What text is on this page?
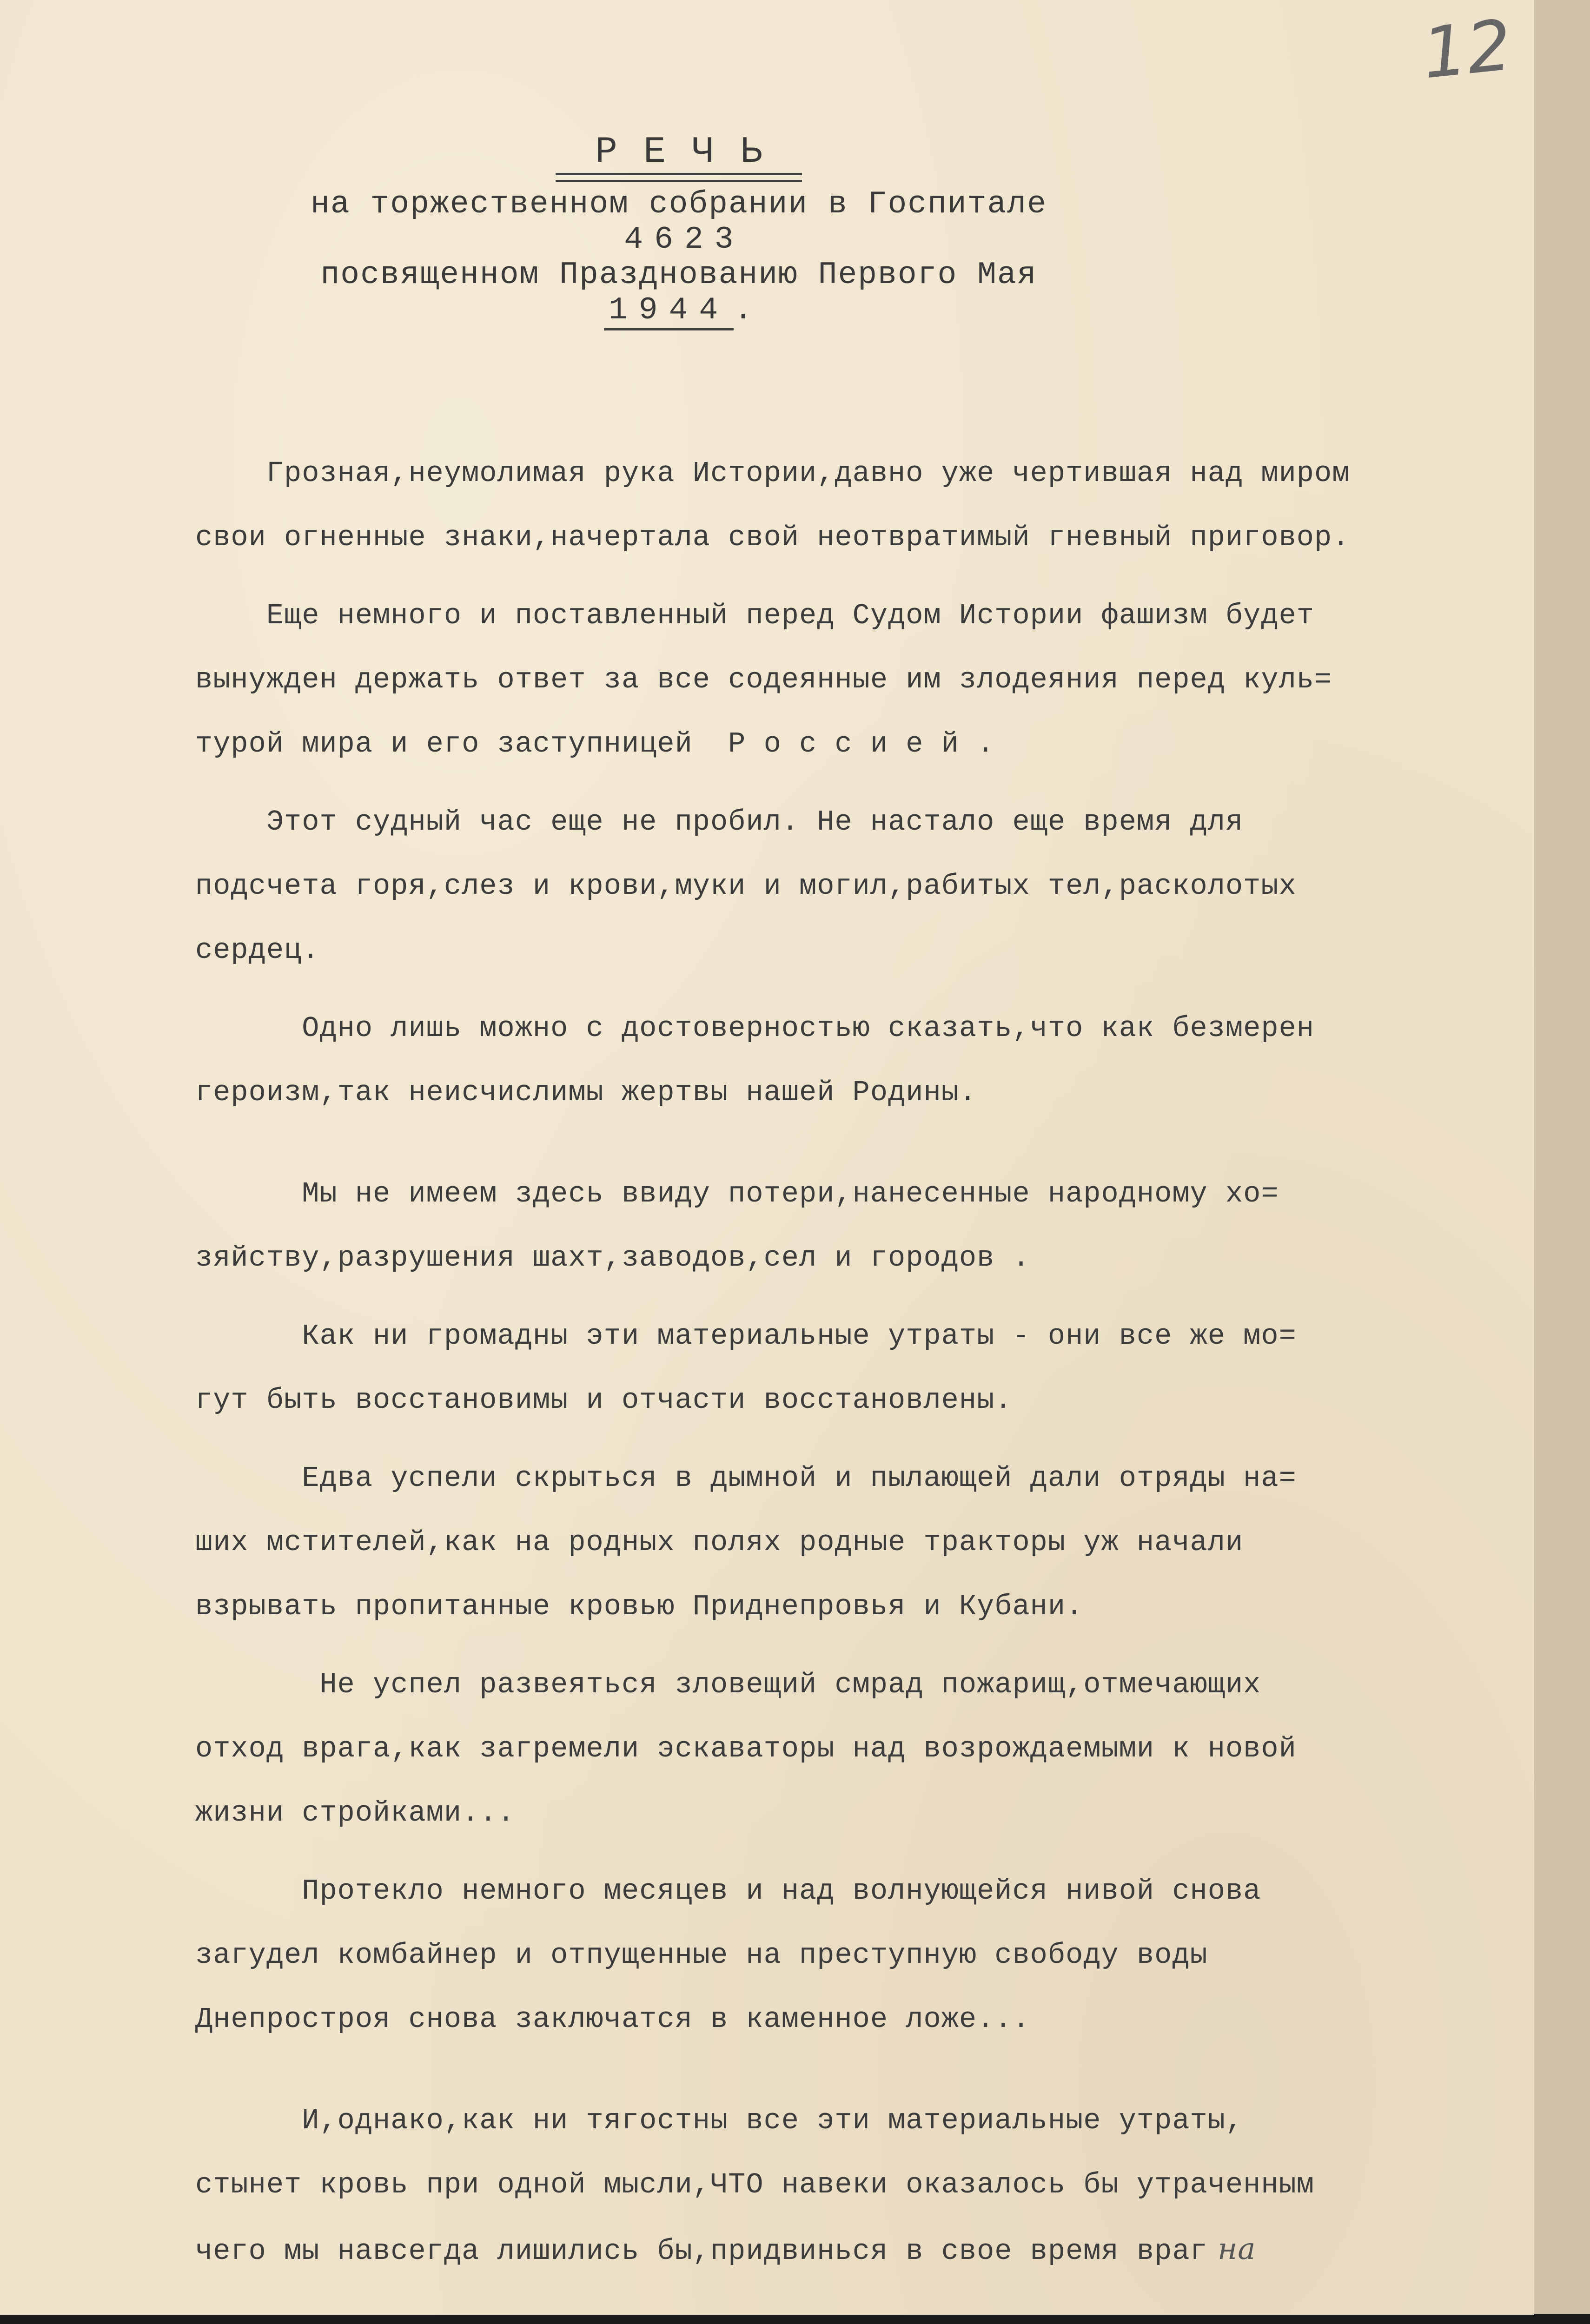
12
РЕЧЬ
на торжественном собрании в Госпитале
4623
посвященном Празднованию Первого Мая
1944 .
Грозная,неумолимая рука Истории,давно уже чертившая над миром
свои огненные знаки,начертала свой неотвратимый гневный приговор.
Еще немного и поставленный перед Судом Истории фашизм будет
вынужден держать ответ за все содеянные им злодеяния перед куль=
турой мира и его заступницей  Р о с с и е й .
Этот судный час еще не пробил. Не настало еще время для
подсчета горя,слез и крови,муки и могил,рабитых тел,расколотых
сердец.
Одно лишь можно с достоверностью сказать,что как безмерен
героизм,так неисчислимы жертвы нашей Родины.
Мы не имеем здесь ввиду потери,нанесенные народному хо=
зяйству,разрушения шахт,заводов,сел и городов .
Как ни громадны эти материальные утраты - они все же мо=
гут быть восстановимы и отчасти восстановлены.
Едва успели скрыться в дымной и пылающей дали отряды на=
ших мстителей,как на родных полях родные тракторы уж начали
взрывать пропитанные кровью Приднепровья и Кубани.
Не успел развеяться зловещий смрад пожарищ,отмечающих
отход врага,как загремели эскаваторы над возрождаемыми к новой
жизни стройками...
Протекло немного месяцев и над волнующейся нивой снова
загудел комбайнер и отпущенные на преступную свободу воды
Днепростроя снова заключатся в каменное ложе...
И,однако,как ни тягостны все эти материальные утраты,
стынет кровь при одной мысли,ЧТО навеки оказалось бы утраченным
чего мы навсегда лишились бы,придвинься в свое время враг на
